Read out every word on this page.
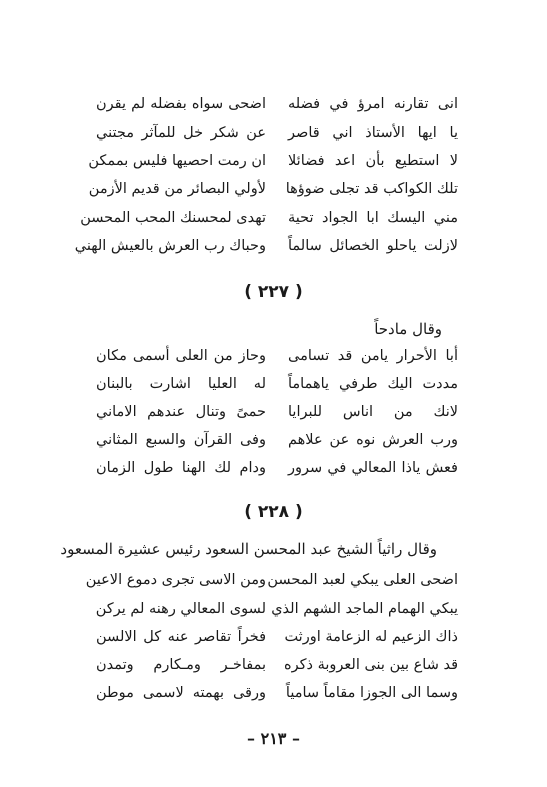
انى تقارنه امرؤ في فضله
اضحى سواه بفضله لم يقرن
يا ايها الأستاذ اني قاصر
عن شكر خل للمآثر مجتني
لا استطيع بأن اعد فضائلا
ان رمت احصيها فليس بممكن
تلك الكواكب قد تجلى ضوؤها
لأولي البصائر من قديم الأزمن
مني اليسك ابا الجواد تحية
تهدى لمحسنك المحب المحسن
لازلت ياحلو الخصائل سالماً
وحباك رب العرش بالعيش الهني
( ٢٢٧ )
وقال مادحاً
أبا الأحرار يامن قد تسامى
وحاز من العلى أسمى مكان
مددت اليك طرفي ياهماماً
له العليا اشارت بالبنان
لانك من اناس للبرايا
حمىً وتنال عندهم الاماني
ورب العرش نوه عن علاهم
وفى القرآن والسبع المثاني
فعش ياذا المعالي في سرور
ودام لك الهنا طول الزمان
( ٢٢٨ )
وقال راثياً الشيخ عبد المحسن السعود رئيس عشيرة المسعود
اضحى العلى يبكي لعبد المحسن
ومن الاسى تجرى دموع الاعين
يبكي الهمام الماجد الشهم الذي
لسوى المعالي رهنه لم يركن
ذاك الزعيم له الزعامة اورثت
فخراً تقاصر عنه كل الالسن
قد شاع بين بنى العروبة ذكره
بمفاخـر ومـكارم وتمدن
وسما الى الجوزا مقاماً سامياً
ورقى بهمته لاسمى موطن
– ٢١٣ –
